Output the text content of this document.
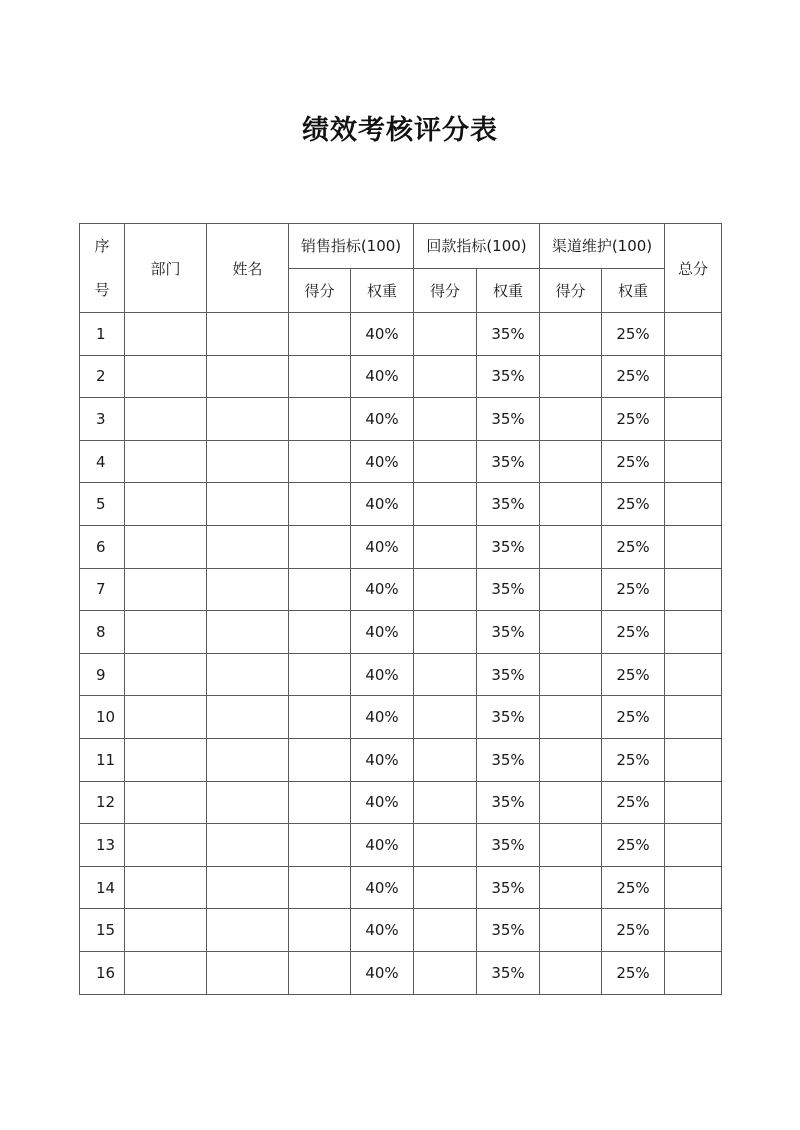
绩效考核评分表
序
号	部门	姓名	销售指标(100)		回款指标(100)		渠道维护(100)		总分
			得分	权重	得分	权重	得分	权重	
1				40%		35%		25%	
2				40%		35%		25%	
3				40%		35%		25%	
4				40%		35%		25%	
5				40%		35%		25%	
6				40%		35%		25%	
7				40%		35%		25%	
8				40%		35%		25%	
9				40%		35%		25%	
10				40%		35%		25%	
11				40%		35%		25%	
12				40%		35%		25%	
13				40%		35%		25%	
14				40%		35%		25%	
15				40%		35%		25%	
16				40%		35%		25%	
